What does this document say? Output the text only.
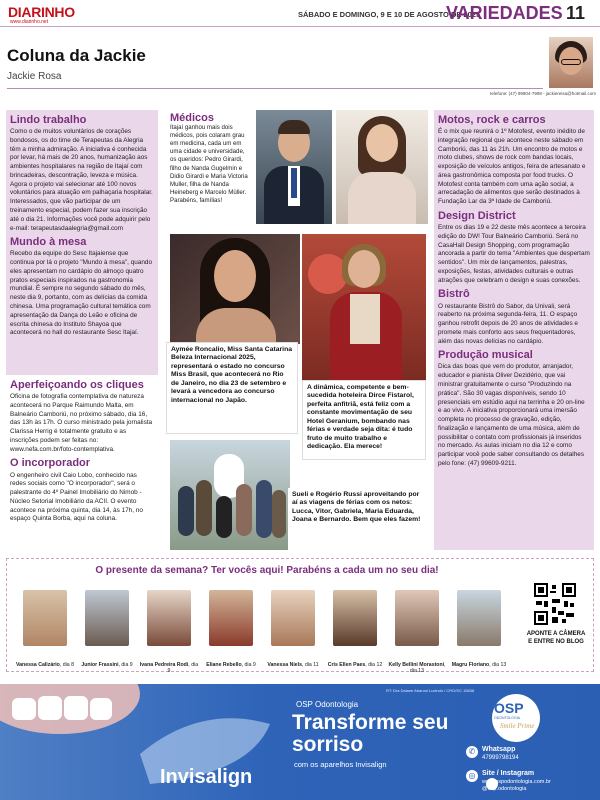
DIARINHO
www.diarinho.net
SÁBADO E DOMINGO, 9 E 10 DE AGOSTO DE 2025
VARIEDADES 11
Coluna da Jackie
Jackie Rosa
telefone: (47) 99904-7998 - jackiereisa@hotmail.com
Lindo trabalho
Como o de muitos voluntários de corações bondosos, os do time de Terapeutas da Alegria têm a minha admiração. A iniciativa é conhecida por levar, há mais de 20 anos, humanização aos ambientes hospitalares na região de Itajaí com brincadeiras, descontração, leveza e música. Agora o projeto vai selecionar até 100 novos voluntários para atuação em palhaçaria hospitalar. Interessados, que vão participar de um treinamento especial, podem fazer sua inscrição até o dia 21. Informações você pode adquirir pelo e-mail: terapeutasdaalegria@gmail.com
Mundo à mesa
Recebo da equipe do Sesc Itajaiense que continua por lá o projeto "Mundo à mesa", quando eles apresentam no cardápio do almoço quatro pratos especiais inspirados na gastronomia mundial. É sempre no segundo sábado do mês, neste dia 9, portanto, com as delícias da comida chinesa. Uma programação cultural temática com apresentação da Dança do Leão e oficina de escrita chinesa do Instituto Shayoa que acontecerá no hall do restaurante Sesc Itajaí.
Aperfeiçoando os cliques
Oficina de fotografia contemplativa de natureza acontecerá no Parque Raimundo Malta, em Balneário Camboriú, no próximo sábado, dia 16, das 13h às 17h. O curso ministrado pela jornalista Clarissa Herrig é totalmente gratuito e as inscrições podem ser feitas no: www.nefa.com.br/foto-contemplativa.
O incorporador
O engenheiro civil Caio Lobo, conhecido nas redes sociais como "O incorporador", será o palestrante do 4º Painel Imobiliário do Nimob - Núcleo Setorial Imobiliário da ACII. O evento acontece na próxima quinta, dia 14, às 17h, no espaço Quinta Borba, aqui na coluna.
Médicos
Itajaí ganhou mais dois médicos, pois colaram grau em medicina, cada um em uma cidade e universidade, os queridos: Pedro Girardi, filho de Nanda Gugelmin e Didio Girardi e Maria Victoria Muller, filha de Nanda Heineberg e Marcelo Müller. Parabéns, famílias!
Aymée Roncalio, Miss Santa Catarina Beleza Internacional 2025, representará o estado no concurso Miss Brasil, que acontecerá no Rio de Janeiro, no dia 23 de setembro e levará a vencedora ao concurso internacional no Japão.
A dinâmica, competente e bem-sucedida hoteleira Dirce Fistarol, perfeita anfitriã, está feliz com a constante movimentação de seu Hotel Geranium, bombando nas férias e verdade seja dita: é tudo fruto de muito trabalho e dedicação. Ela merece!
Sueli e Rogério Russi aproveitando por aí as viagens de férias com os netos: Lucca, Vitor, Gabriela, Maria Eduarda, Joana e Bernardo. Bem que eles fazem!
Motos, rock e carros
É o mix que reunirá o 1º Motofest, evento inédito de integração regional que acontece neste sábado em Camboriú, das 11 às 21h. Um encontro de motos e moto clubes, shows de rock com bandas locais, exposição de veículos antigos, feira de artesanato e área gastronômica composta por food trucks. O Motofest conta também com uma ação social, a arrecadação de alimentos que serão destinados à Fundação Lar da 3ª Idade de Camboriú.
Design District
Entre os dias 19 e 22 deste mês acontece a terceira edição do DW! Tour Balneário Camboriú. Será no CasaHall Design Shopping, com programação ancorada a partir do tema "Ambientes que despertam sentidos". Um mix de lançamentos, palestras, exposições, festas, atividades culturais e outras atrações que celebram o design e suas conexões.
Bistrô
O restaurante Bistrô do Sabor, da Univali, será reaberto na próxima segunda-feira, 11. O espaço ganhou retrofit depois de 20 anos de atividades e promete mais conforto aos seus frequentadores, além das novas delícias no cardápio.
Produção musical
Dica das boas que vem do produtor, arranjador, educador e pianista Oliver Dezidério, que vai ministrar gratuitamente o curso "Produzindo na prática". São 30 vagas disponíveis, sendo 10 presenciais em estúdio aqui na terrinha e 20 on-line e ao vivo. A iniciativa proporcionará uma imersão completa no processo de gravação, edição, finalização e lançamento de uma música, além de possibilitar o contato com profissionais já inseridos no mercado. As aulas iniciam no dia 12 e como participar você pode saber consultando os detalhes pelo fone: (47) 99609-9211.
O presente da semana? Ter vocês aqui! Parabéns a cada um no seu dia!
Vanessa Calizário, dia 8	Junior Frassini, dia 9	Ivana Pedreira Rodi, dia 9
Eliane Rebello, dia 9	Vanessa Niels, dia 11	Cris Ellen Paes, dia 12	Kelly Bellini Morastoni, dia 13
Magru Floriano, dia 13
APONTE A CÂMERA E ENTRE NO BLOG
RT: Dra Daiane Abaroni Lucindo / CRO/SC 15838
OSP Odontologia
Transforme seu
sorriso
com os aparelhos Invisalign
Invisalign
OSP
ODONTOLOGIA
Smile Prime
✆ Whatsapp
47999798194
◎ Site / Instagram
www.ospodontologia.com.br
@osp.odontologia
